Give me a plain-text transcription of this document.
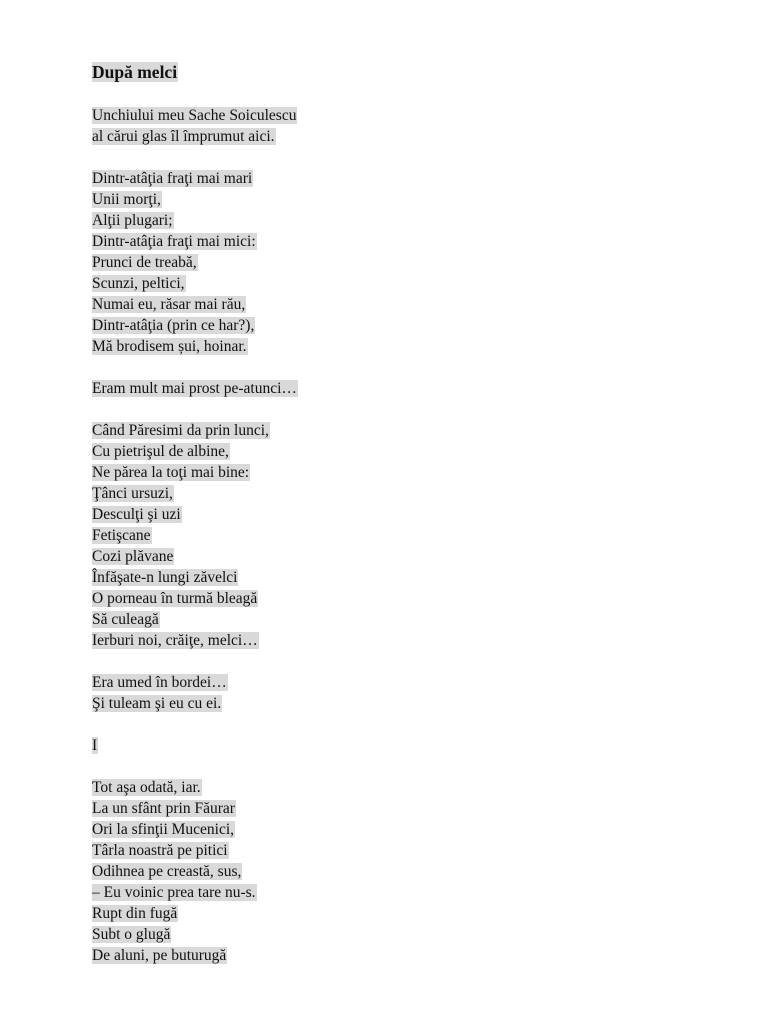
După melci
Unchiului meu Sache Soiculescu
al cărui glas îl împrumut aici.
Dintr-atâţia fraţi mai mari
Unii morţi,
Alţii plugari;
Dintr-atâţia fraţi mai mici:
Prunci de treabă,
Scunzi, peltici,
Numai eu, răsar mai rău,
Dintr-atâţia (prin ce har?),
Mă brodisem șui, hoinar.
Eram mult mai prost pe-atunci…
Când Păresimi da prin lunci,
Cu pietrişul de albine,
Ne părea la toţi mai bine:
Ţânci ursuzi,
Desculţi şi uzi
Fetişcane
Cozi plăvane
Înfăşate-n lungi zăvelci
O porneau în turmă bleagă
Să culeagă
Ierburi noi, crăiţe, melci…
Era umed în bordei…
Şi tuleam şi eu cu ei.
I
Tot aşa odată, iar.
La un sfânt prin Făurar
Ori la sfinţii Mucenici,
Târla noastră pe pitici
Odihnea pe creastă, sus,
– Eu voinic prea tare nu-s.
Rupt din fugă
Subt o glugă
De aluni, pe buturugă
